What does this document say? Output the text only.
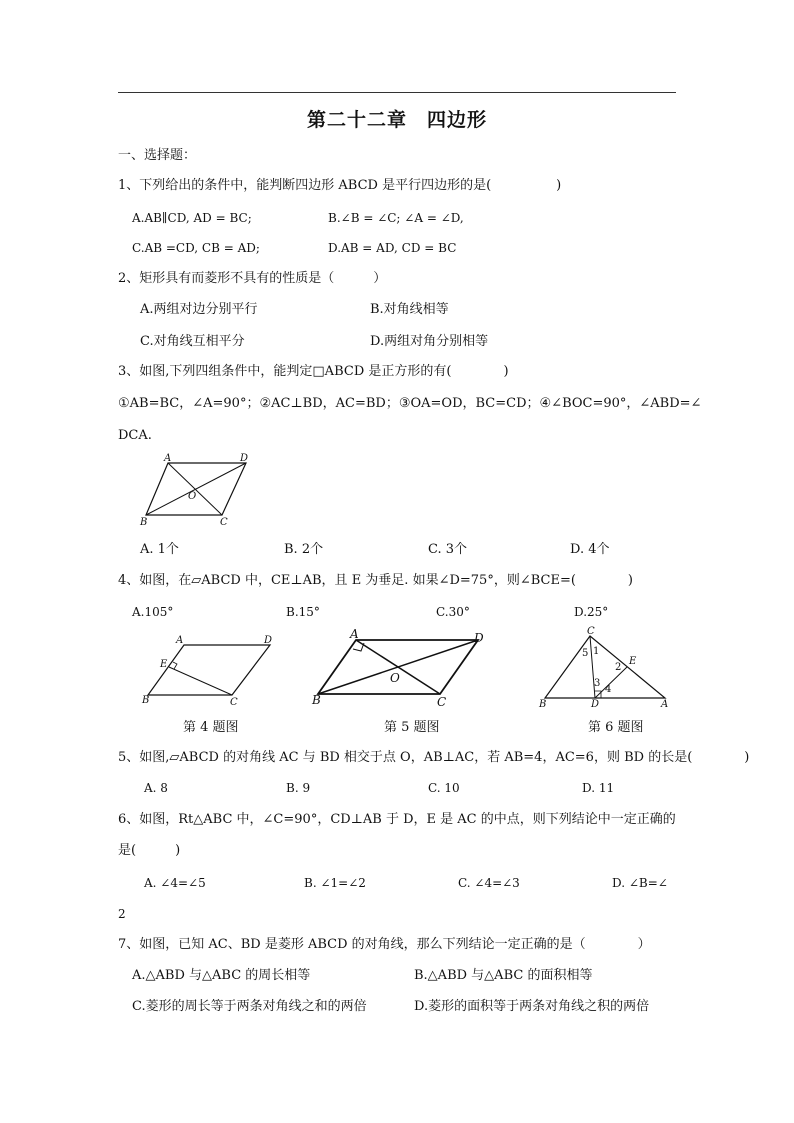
第二十二章　四边形
一、选择题：
1、下列给出的条件中，能判断四边形 ABCD 是平行四边形的是(　　　　　)
A.AB∥CD, AD = BC;	B.∠B = ∠C; ∠A = ∠D,
C.AB =CD, CB = AD;	D.AB = AD, CD = BC
2、矩形具有而菱形不具有的性质是（　　　）
A.两组对边分别平行	B.对角线相等
C.对角线互相平分	D.两组对角分别相等
3、如图,下列四组条件中，能判定□ABCD 是正方形的有(　　　　)
①AB=BC，∠A=90°；②AC⊥BD，AC=BD；③OA=OD，BC=CD；④∠BOC=90°，∠ABD=∠
DCA.
A	D
O
B	C
A. 1个	B. 2个	C. 3个	D. 4个
4、如图，在▱ABCD 中，CE⊥AB，且 E 为垂足. 如果∠D=75°，则∠BCE=(　　　　)
A.105°	B.15°	C.30°	D.25°
A	D
E
B	C
A	D
O
B	C
C
5 1
2
E
3
4
B	D	A
第 4 题图	第 5 题图	第 6 题图
5、如图,▱ABCD 的对角线 AC 与 BD 相交于点 O，AB⊥AC，若 AB=4，AC=6，则 BD 的长是(　　　　)
A. 8	B. 9	C. 10	D. 11
6、如图，Rt△ABC 中，∠C=90°，CD⊥AB 于 D，E 是 AC 的中点，则下列结论中一定正确的
是(　　　)
A. ∠4=∠5	B. ∠1=∠2	C. ∠4=∠3	D. ∠B=∠
2
7、如图，已知 AC、BD 是菱形 ABCD 的对角线，那么下列结论一定正确的是（　　　　）
A.△ABD 与△ABC 的周长相等	B.△ABD 与△ABC 的面积相等
C.菱形的周长等于两条对角线之和的两倍	D.菱形的面积等于两条对角线之积的两倍
